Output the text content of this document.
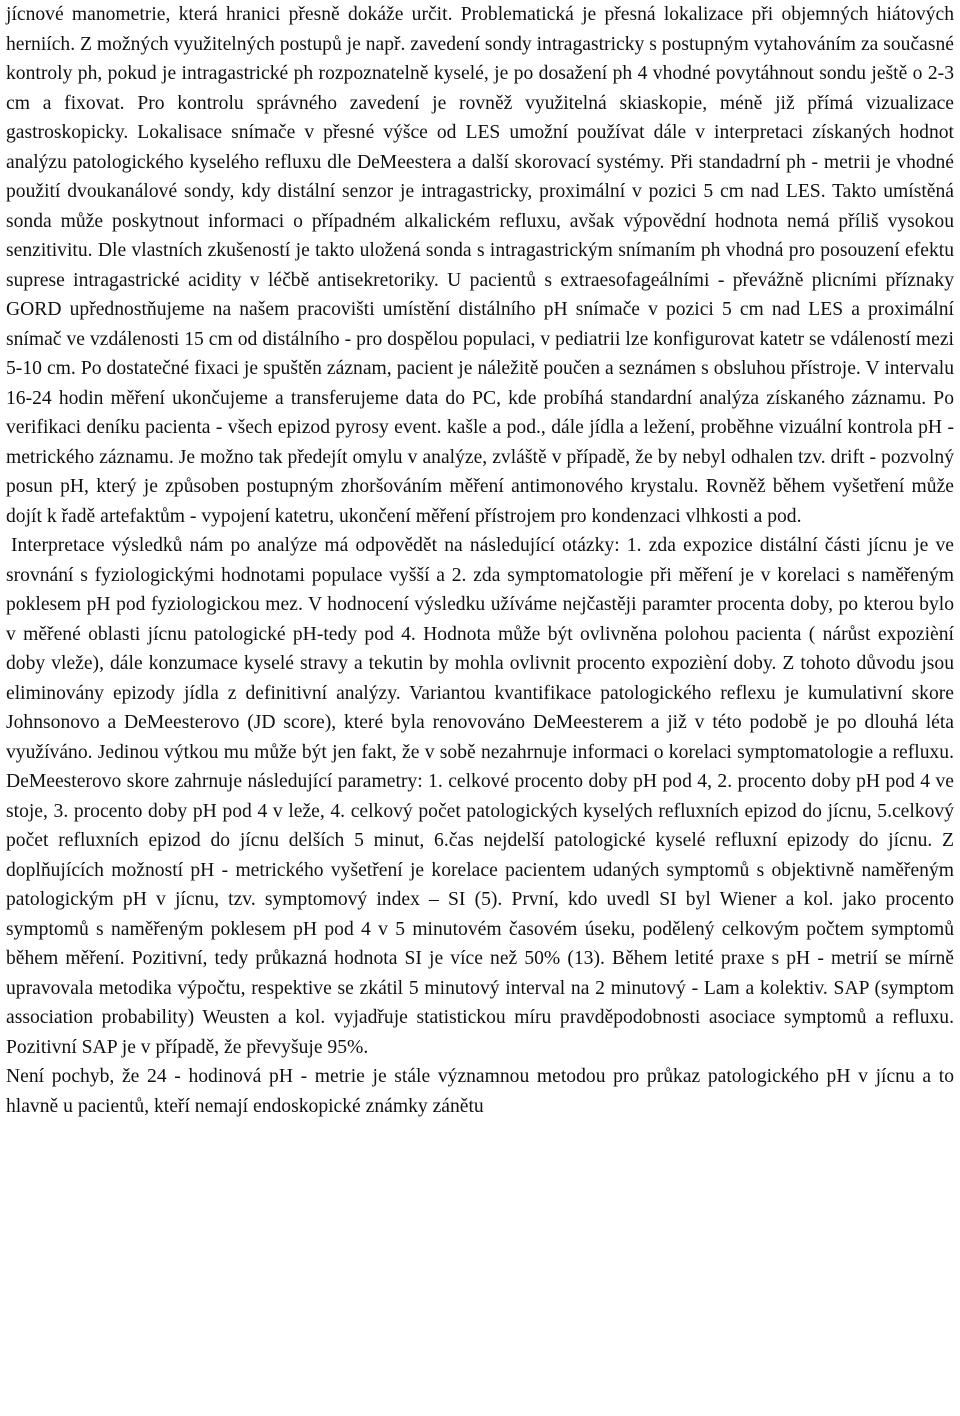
jícnové manometrie, která hranici přesně dokáže určit. Problematická je přesná lokalizace při objemných hiátových herniích. Z možných využitelných postupů je např. zavedení sondy intragastricky s postupným vytahováním za současné kontroly ph, pokud je intragastrické ph rozpoznatelně kyselé, je po dosažení ph 4 vhodné povytáhnout sondu ještě o 2-3 cm a fixovat. Pro kontrolu správného zavedení je rovněž využitelná skiaskopie, méně již přímá vizualizace gastroskopicky. Lokalisace snímače v přesné výšce od LES umožní používat dále v interpretaci získaných hodnot analýzu patologického kyselého refluxu dle DeMeestera a další skorovací systémy. Při standadrní ph - metrii je vhodné použití dvoukanálové sondy, kdy distální senzor je intragastricky, proximální v pozici 5 cm nad LES. Takto umístěná sonda může poskytnout informaci o případném alkalickém refluxu, avšak výpovědní hodnota nemá příliš vysokou senzitivitu. Dle vlastních zkušeností je takto uložená sonda s intragastrickým snímaním ph vhodná pro posouzení efektu suprese intragastrické acidity v léčbě antisekretoriky. U pacientů s extraesofageálními - převážně plicními příznaky GORD upřednostňujeme na našem pracovišti umístění distálního pH snímače v pozici 5 cm nad LES a proximální snímač ve vzdálenosti 15 cm od distálního - pro dospělou populaci, v pediatrii lze konfigurovat katetr se vdáleností mezi 5-10 cm. Po dostatečné fixaci je spuštěn záznam, pacient je náležitě poučen a seznámen s obsluhou přístroje. V intervalu 16-24 hodin měření ukončujeme a transferujeme data do PC, kde probíhá standardní analýza získaného záznamu. Po verifikaci deníku pacienta - všech epizod pyrosy event. kašle a pod., dále jídla a ležení, proběhne vizuální kontrola pH - metrického záznamu. Je možno tak předejít omylu v analýze, zvláště v případě, že by nebyl odhalen tzv. drift - pozvolný posun pH, který je způsoben postupným zhoršováním měření antimonového krystalu. Rovněž během vyšetření může dojít k řadě artefaktům - vypojení katetru, ukončení měření přístrojem pro kondenzaci vlhkosti a pod.

Interpretace výsledků nám po analýze má odpovědět na následující otázky: 1. zda expozice distální části jícnu je ve srovnání s fyziologickými hodnotami populace vyšší a 2. zda symptomatologie při měření je v korelaci s naměřeným poklesem pH pod fyziologickou mez. V hodnocení výsledku užíváme nejčastěji paramter procenta doby, po kterou bylo v měřené oblasti jícnu patologické pH-tedy pod 4. Hodnota může být ovlivněna polohou pacienta ( nárůst expozièní doby vleže), dále konzumace kyselé stravy a tekutin by mohla ovlivnit procento expozièní doby. Z tohoto důvodu jsou eliminovány epizody jídla z definitivní analýzy. Variantou kvantifikace patologického reflexu je kumulativní skore Johnsonovo a DeMeesterovo (JD score), které byla renovováno DeMeesterem a již v této podobě je po dlouhá léta využíváno. Jedinou výtkou mu může být jen fakt, že v sobě nezahrnuje informaci o korelaci symptomatologie a refluxu. DeMeesterovo skore zahrnuje následující parametry: 1. celkové procento doby pH pod 4, 2. procento doby pH pod 4 ve stoje, 3. procento doby pH pod 4 v leže, 4. celkový počet patologických kyselých refluxních epizod do jícnu, 5.celkový počet refluxních epizod do jícnu delších 5 minut, 6.čas nejdelší patologické kyselé refluxní epizody do jícnu. Z doplňujících možností pH - metrického vyšetření je korelace pacientem udaných symptomů s objektivně naměřeným patologickým pH v jícnu, tzv. symptomový index – SI (5). První, kdo uvedl SI byl Wiener a kol. jako procento symptomů s naměřeným poklesem pH pod 4 v 5 minutovém časovém úseku, podělený celkovým počtem symptomů během měření. Pozitivní, tedy průkazná hodnota SI je více než 50% (13). Během letité praxe s pH - metrií se mírně upravovala metodika výpočtu, respektive se zkátil 5 minutový interval na 2 minutový - Lam a kolektiv. SAP (symptom association probability) Weusten a kol. vyjadřuje statistickou míru pravděpodobnosti asociace symptomů a refluxu. Pozitivní SAP je v případě, že převyšuje 95%.

Není pochyb, že 24 - hodinová pH - metrie je stále významnou metodou pro průkaz patologického pH v jícnu a to hlavně u pacientů, kteří nemají endoskopické známky zánětu
